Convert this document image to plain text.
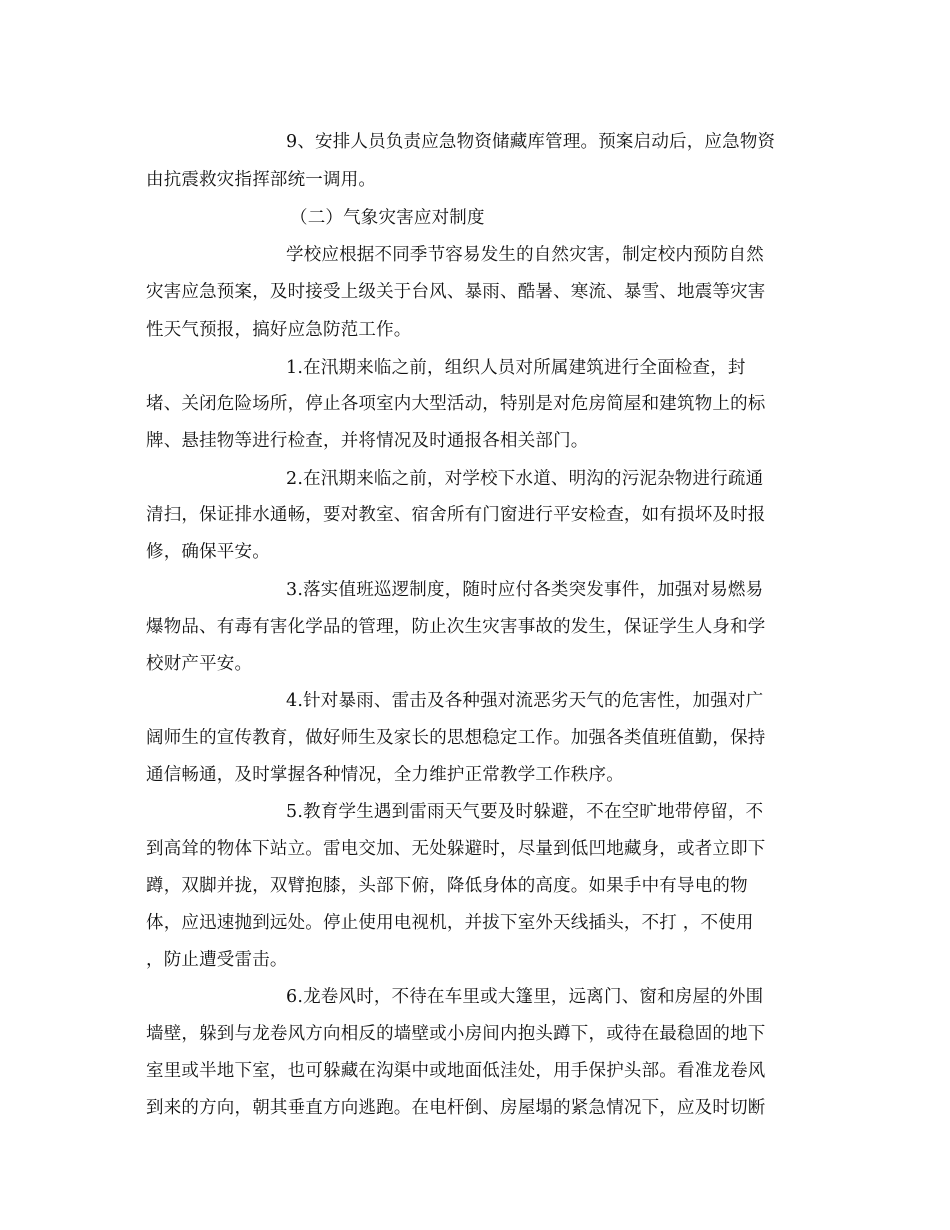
9、安排人员负责应急物资储藏库管理。预案启动后，应急物资
由抗震救灾指挥部统一调用。
（二）气象灾害应对制度
学校应根据不同季节容易发生的自然灾害，制定校内预防自然
灾害应急预案，及时接受上级关于台风、暴雨、酷暑、寒流、暴雪、地震等灾害
性天气预报，搞好应急防范工作。
1.在汛期来临之前，组织人员对所属建筑进行全面检查，封
堵、关闭危险场所，停止各项室内大型活动，特别是对危房简屋和建筑物上的标
牌、悬挂物等进行检查，并将情况及时通报各相关部门。
2.在汛期来临之前，对学校下水道、明沟的污泥杂物进行疏通
清扫，保证排水通畅，要对教室、宿舍所有门窗进行平安检查，如有损坏及时报
修，确保平安。
3.落实值班巡逻制度，随时应付各类突发事件，加强对易燃易
爆物品、有毒有害化学品的管理，防止次生灾害事故的发生，保证学生人身和学
校财产平安。
4.针对暴雨、雷击及各种强对流恶劣天气的危害性，加强对广
阔师生的宣传教育，做好师生及家长的思想稳定工作。加强各类值班值勤，保持
通信畅通，及时掌握各种情况，全力维护正常教学工作秩序。
5.教育学生遇到雷雨天气要及时躲避，不在空旷地带停留，不
到高耸的物体下站立。雷电交加、无处躲避时，尽量到低凹地藏身，或者立即下
蹲，双脚并拢，双臂抱膝，头部下俯，降低身体的高度。如果手中有导电的物
体，应迅速抛到远处。停止使用电视机，并拔下室外天线插头，不打 ，不使用
，防止遭受雷击。
6.龙卷风时，不待在车里或大篷里，远离门、窗和房屋的外围
墙壁，躲到与龙卷风方向相反的墙壁或小房间内抱头蹲下，或待在最稳固的地下
室里或半地下室，也可躲藏在沟渠中或地面低洼处，用手保护头部。看准龙卷风
到来的方向，朝其垂直方向逃跑。在电杆倒、房屋塌的紧急情况下，应及时切断
